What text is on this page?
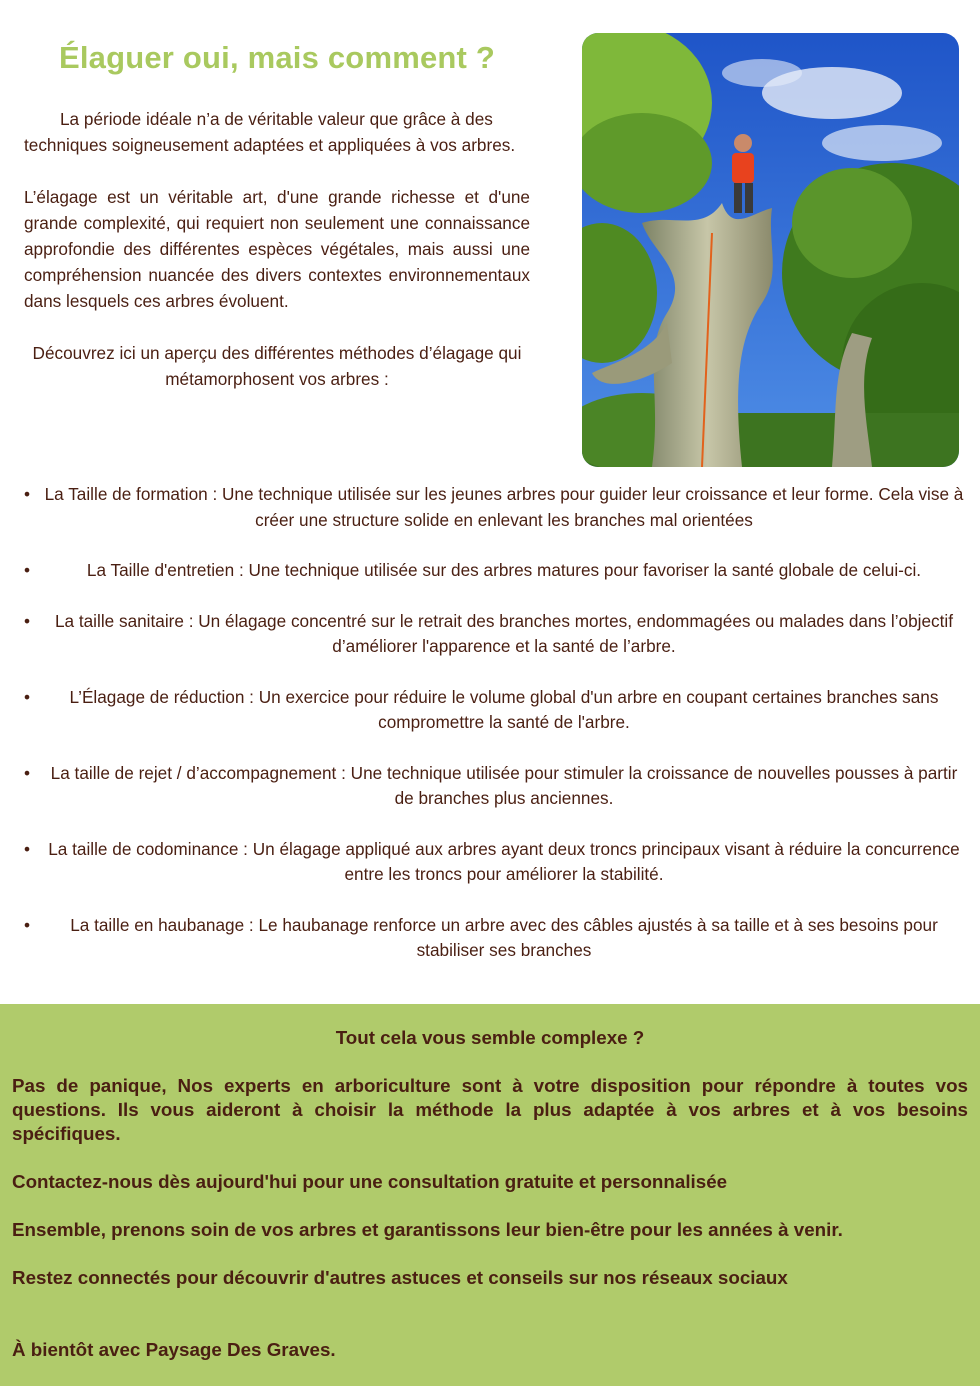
Élaguer oui, mais comment ?

La période idéale n’a de véritable valeur que grâce à des techniques soigneusement adaptées et appliquées à vos arbres.

L’élagage est un véritable art, d'une grande richesse et d'une grande complexité, qui requiert non seulement une connaissance approfondie des différentes espèces végétales, mais aussi une compréhension nuancée des divers contextes environnementaux dans lesquels ces arbres évoluent.

Découvrez ici un aperçu des différentes méthodes d’élagage qui métamorphosent vos arbres :

• La Taille de formation : Une technique utilisée sur les jeunes arbres pour guider leur croissance et leur forme. Cela vise à créer une structure solide en enlevant les branches mal orientées
•	La Taille d'entretien : Une technique utilisée sur des arbres matures pour favoriser la santé globale de celui-ci.
• La taille sanitaire : Un élagage concentré sur le retrait des branches mortes, endommagées ou malades dans l’objectif d’améliorer l'apparence et la santé de l’arbre.
• L’Élagage de réduction : Un exercice pour réduire le volume global d'un arbre en coupant certaines branches sans compromettre la santé de l'arbre.
• La taille de rejet / d’accompagnement : Une technique utilisée pour stimuler la croissance de nouvelles pousses à partir de branches plus anciennes.
• La taille de codominance : Un élagage appliqué aux arbres ayant deux troncs principaux visant à réduire la concurrence entre les troncs pour améliorer la stabilité.
• La taille en haubanage : Le haubanage renforce un arbre avec des câbles ajustés à sa taille et à ses besoins pour stabiliser ses branches

Tout cela vous semble complexe ?

Pas de panique, Nos experts en arboriculture sont à votre disposition pour répondre à toutes vos questions. Ils vous aideront à choisir la méthode la plus adaptée à vos arbres et à vos besoins spécifiques.

Contactez-nous dès aujourd'hui pour une consultation gratuite et personnalisée

Ensemble, prenons soin de vos arbres et garantissons leur bien-être pour les années à venir.

Restez connectés pour découvrir d'autres astuces et conseils sur nos réseaux sociaux

À bientôt avec Paysage Des Graves.
